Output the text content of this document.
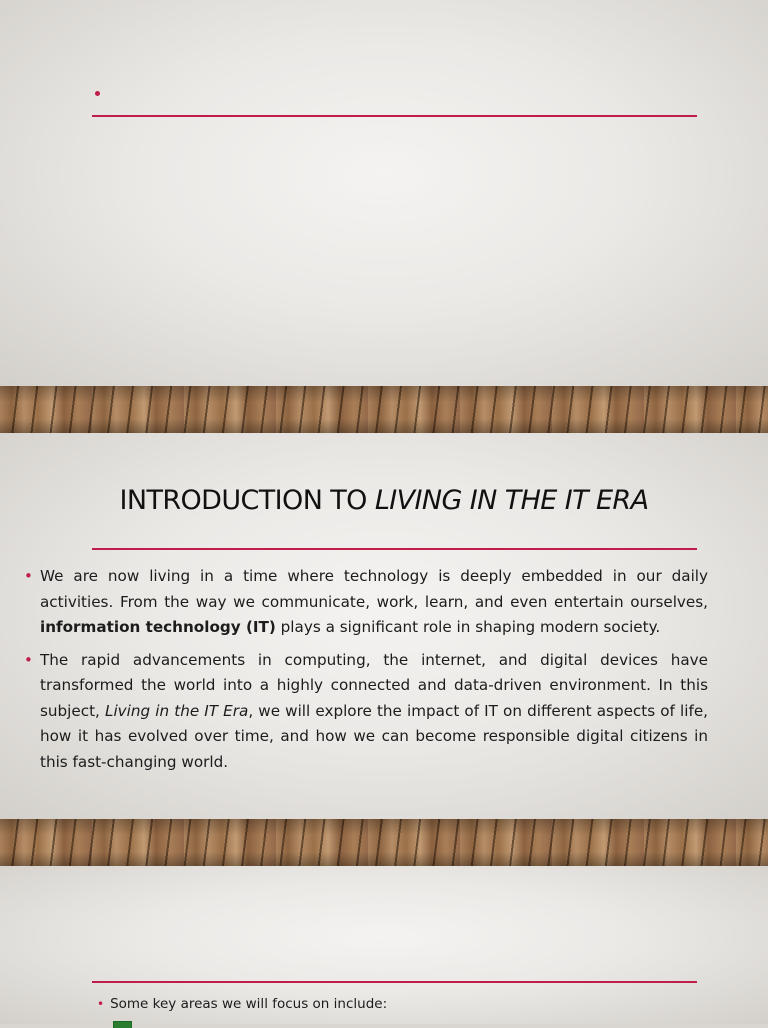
INTRODUCTION TO LIVING IN THE IT ERA
• We are now living in a time where technology is deeply embedded in our daily activities. From the way we communicate, work, learn, and even entertain ourselves, information technology (IT) plays a significant role in shaping modern society.
• The rapid advancements in computing, the internet, and digital devices have transformed the world into a highly connected and data-driven environment. In this subject, Living in the IT Era, we will explore the impact of IT on different aspects of life, how it has evolved over time, and how we can become responsible digital citizens in this fast-changing world.
• Some key areas we will focus on include:
